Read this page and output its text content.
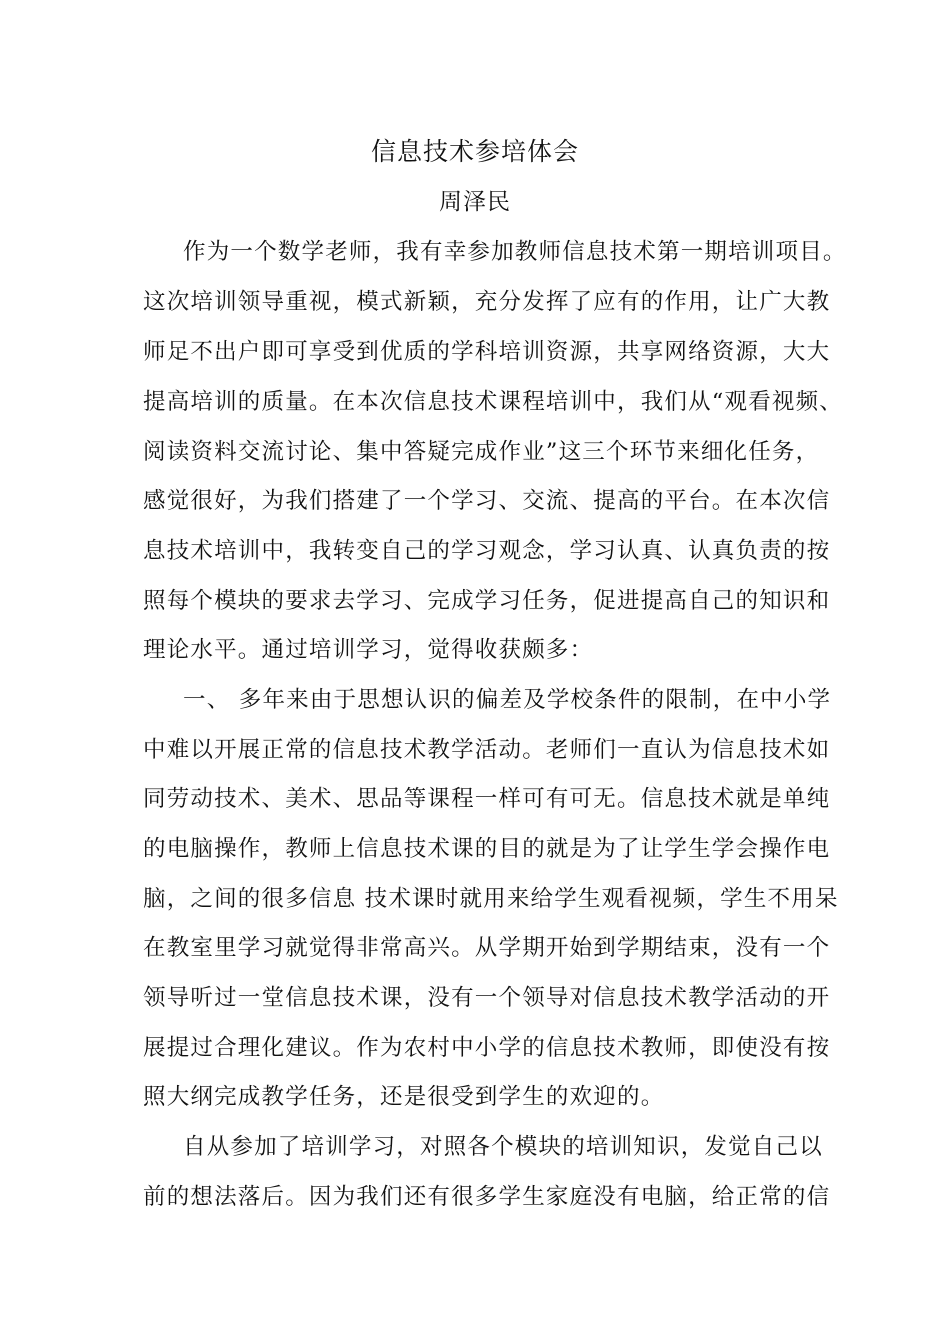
信息技术参培体会
周泽民
作为一个数学老师，我有幸参加教师信息技术第一期培训项目。
这次培训领导重视，模式新颖，充分发挥了应有的作用，让广大教
师足不出户即可享受到优质的学科培训资源，共享网络资源，大大
提高培训的质量。在本次信息技术课程培训中，我们从“观看视频、
阅读资料交流讨论、集中答疑完成作业”这三个环节来细化任务，
感觉很好，为我们搭建了一个学习、交流、提高的平台。在本次信
息技术培训中，我转变自己的学习观念，学习认真、认真负责的按
照每个模块的要求去学习、完成学习任务，促进提高自己的知识和
理论水平。通过培训学习，觉得收获颇多：
一、 多年来由于思想认识的偏差及学校条件的限制，在中小学
中难以开展正常的信息技术教学活动。老师们一直认为信息技术如
同劳动技术、美术、思品等课程一样可有可无。信息技术就是单纯
的电脑操作，教师上信息技术课的目的就是为了让学生学会操作电
脑，之间的很多信息 技术课时就用来给学生观看视频，学生不用呆
在教室里学习就觉得非常高兴。从学期开始到学期结束，没有一个
领导听过一堂信息技术课，没有一个领导对信息技术教学活动的开
展提过合理化建议。作为农村中小学的信息技术教师，即使没有按
照大纲完成教学任务，还是很受到学生的欢迎的。
自从参加了培训学习，对照各个模块的培训知识，发觉自己以
前的想法落后。因为我们还有很多学生家庭没有电脑，给正常的信
